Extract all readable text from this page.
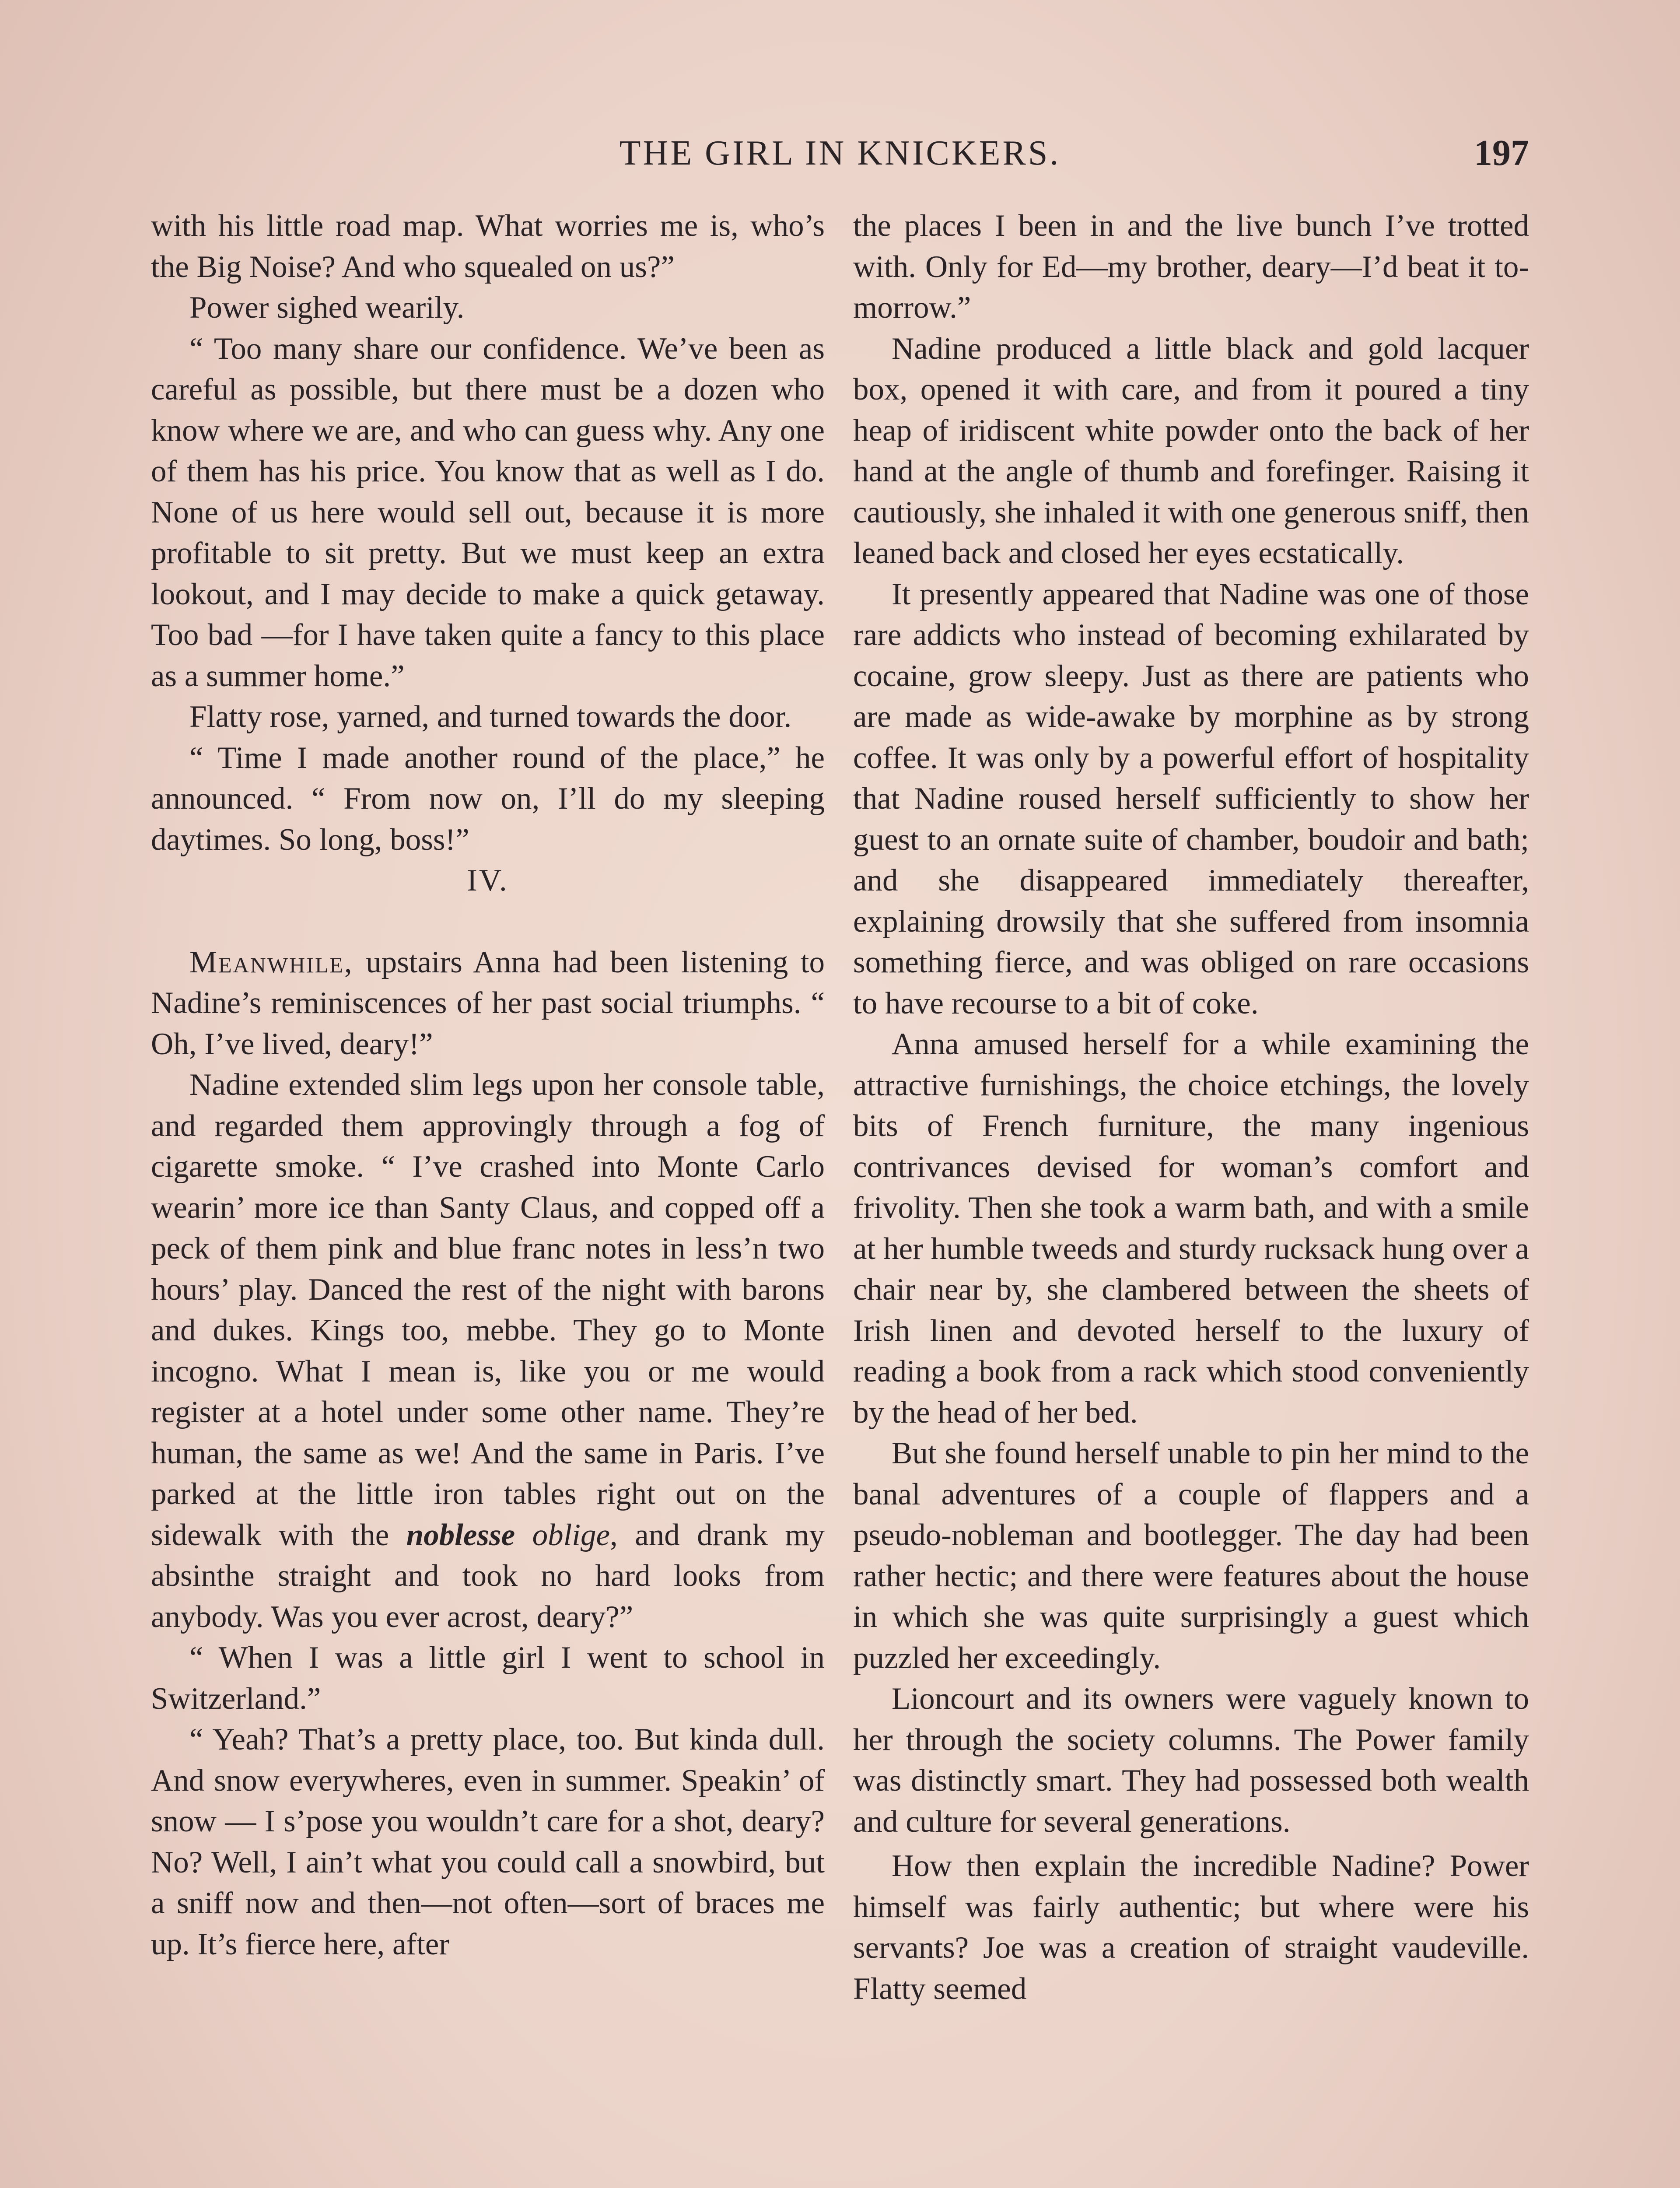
THE GIRL IN KNICKERS.	197

with his little road map. What worries me is, who’s the Big Noise? And who squealed on us?”

Power sighed wearily.

“ Too many share our confidence. We’ve been as careful as possible, but there must be a dozen who know where we are, and who can guess why. Any one of them has his price. You know that as well as I do. None of us here would sell out, because it is more profitable to sit pretty. But we must keep an extra lookout, and I may decide to make a quick getaway. Too bad —for I have taken quite a fancy to this place as a summer home.”

Flatty rose, yarned, and turned towards the door.

“ Time I made another round of the place,” he announced. “ From now on, I’ll do my sleeping daytimes. So long, boss!”

IV.

Meanwhile, upstairs Anna had been listening to Nadine’s reminiscences of her past social triumphs. “ Oh, I’ve lived, deary!”

Nadine extended slim legs upon her console table, and regarded them approvingly through a fog of cigarette smoke. “ I’ve crashed into Monte Carlo wearin’ more ice than Santy Claus, and copped off a peck of them pink and blue franc notes in less’n two hours’ play. Danced the rest of the night with barons and dukes. Kings too, mebbe. They go to Monte incogno. What I mean is, like you or me would register at a hotel under some other name. They’re human, the same as we! And the same in Paris. I’ve parked at the little iron tables right out on the sidewalk with the noblesse oblige, and drank my absinthe straight and took no hard looks from anybody. Was you ever acrost, deary?”

“ When I was a little girl I went to school in Switzerland.”

“ Yeah? That’s a pretty place, too. But kinda dull. And snow everywheres, even in summer. Speakin’ of snow — I s’pose you wouldn’t care for a shot, deary? No? Well, I ain’t what you could call a snowbird, but a sniff now and then—not often—sort of braces me up. It’s fierce here, after

the places I been in and the live bunch I’ve trotted with. Only for Ed—my brother, deary—I’d beat it to-morrow.”

Nadine produced a little black and gold lacquer box, opened it with care, and from it poured a tiny heap of iridiscent white powder onto the back of her hand at the angle of thumb and forefinger. Raising it cautiously, she inhaled it with one generous sniff, then leaned back and closed her eyes ecstatically.

It presently appeared that Nadine was one of those rare addicts who instead of becoming exhilarated by cocaine, grow sleepy. Just as there are patients who are made as wide-awake by morphine as by strong coffee. It was only by a powerful effort of hospitality that Nadine roused herself sufficiently to show her guest to an ornate suite of chamber, boudoir and bath; and she disappeared immediately thereafter, explaining drowsily that she suffered from insomnia something fierce, and was obliged on rare occasions to have recourse to a bit of coke.

Anna amused herself for a while examining the attractive furnishings, the choice etchings, the lovely bits of French furniture, the many ingenious contrivances devised for woman’s comfort and frivolity. Then she took a warm bath, and with a smile at her humble tweeds and sturdy rucksack hung over a chair near by, she clambered between the sheets of Irish linen and devoted herself to the luxury of reading a book from a rack which stood conveniently by the head of her bed.

But she found herself unable to pin her mind to the banal adventures of a couple of flappers and a pseudo-nobleman and bootlegger. The day had been rather hectic; and there were features about the house in which she was quite surprisingly a guest which puzzled her exceedingly.

Lioncourt and its owners were vaguely known to her through the society columns. The Power family was distinctly smart. They had possessed both wealth and culture for several generations.

How then explain the incredible Nadine? Power himself was fairly authentic; but where were his servants? Joe was a creation of straight vaudeville. Flatty seemed
